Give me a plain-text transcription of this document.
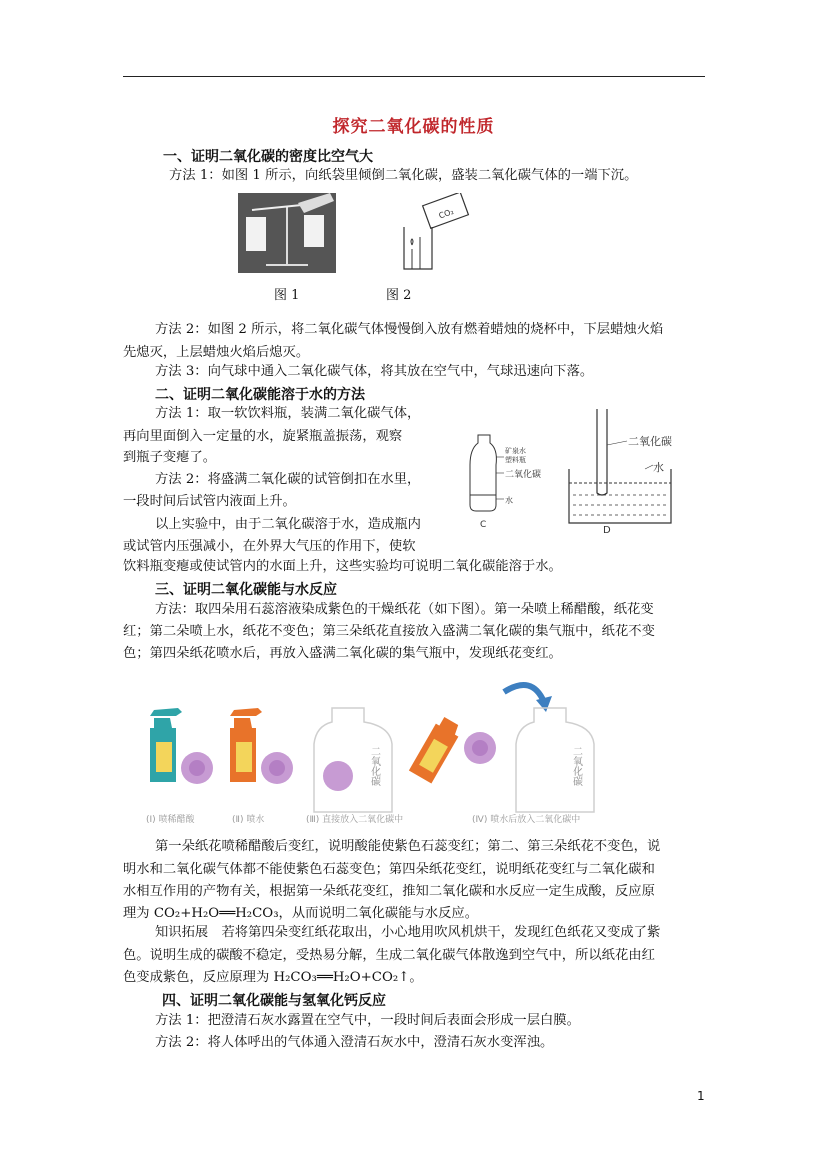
探究二氧化碳的性质
一、证明二氧化碳的密度比空气大
方法 1：如图 1 所示，向纸袋里倾倒二氧化碳，盛装二氧化碳气体的一端下沉。
CO₂
图 1	图 2
方法 2：如图 2 所示，将二氧化碳气体慢慢倒入放有燃着蜡烛的烧杯中，下层蜡烛火焰
先熄灭，上层蜡烛火焰后熄灭。
方法 3：向气球中通入二氧化碳气体，将其放在空气中，气球迅速向下落。
二、证明二氧化碳能溶于水的方法
方法 1：取一软饮料瓶，装满二氧化碳气体，
再向里面倒入一定量的水，旋紧瓶盖振荡，观察
到瓶子变瘪了。
方法 2：将盛满二氧化碳的试管倒扣在水里，
一段时间后试管内液面上升。
以上实验中，由于二氧化碳溶于水，造成瓶内
或试管内压强减小，在外界大气压的作用下，使软
饮料瓶变瘪或使试管内的水面上升，这些实验均可说明二氧化碳能溶于水。
矿泉水
塑料瓶
二氧化碳
水
C
二氧化碳
水
D
三、证明二氧化碳能与水反应
方法：取四朵用石蕊溶液染成紫色的干燥纸花（如下图）。第一朵喷上稀醋酸，纸花变
红；第二朵喷上水，纸花不变色；第三朵纸花直接放入盛满二氧化碳的集气瓶中，纸花不变
色；第四朵纸花喷水后，再放入盛满二氧化碳的集气瓶中，发现纸花变红。
二氧化碳	二氧化碳
(Ⅰ) 喷稀醋酸	(Ⅱ) 喷水	(Ⅲ) 直接放入二氧化碳中	(Ⅳ) 喷水后放入二氧化碳中
第一朵纸花喷稀醋酸后变红，说明酸能使紫色石蕊变红；第二、第三朵纸花不变色，说
明水和二氧化碳气体都不能使紫色石蕊变色；第四朵纸花变红，说明纸花变红与二氧化碳和
水相互作用的产物有关，根据第一朵纸花变红，推知二氧化碳和水反应一定生成酸，反应原
理为 CO₂+H₂O══H₂CO₃，从而说明二氧化碳能与水反应。
知识拓展　若将第四朵变红纸花取出，小心地用吹风机烘干，发现红色纸花又变成了紫
色。说明生成的碳酸不稳定，受热易分解，生成二氧化碳气体散逸到空气中，所以纸花由红
色变成紫色，反应原理为 H₂CO₃══H₂O+CO₂↑。
四、证明二氧化碳能与氢氧化钙反应
方法 1：把澄清石灰水露置在空气中，一段时间后表面会形成一层白膜。
方法 2：将人体呼出的气体通入澄清石灰水中，澄清石灰水变浑浊。
1
